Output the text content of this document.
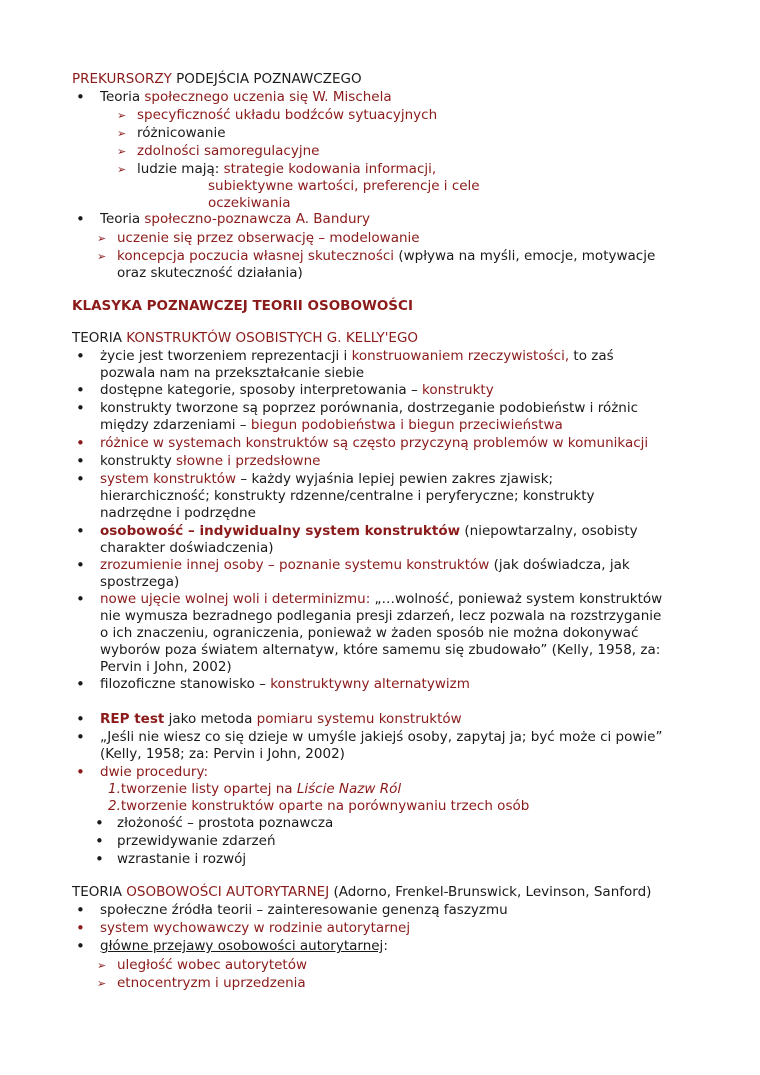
PREKURSORZY PODEJŚCIA POZNAWCZEGO
• Teoria społecznego uczenia się W. Mischela
➢ specyficzność układu bodźców sytuacyjnych
➢ różnicowanie
➢ zdolności samoregulacyjne
➢ ludzie mają: strategie kodowania informacji,
subiektywne wartości, preferencje i cele
oczekiwania
• Teoria społeczno-poznawcza A. Bandury
➢ uczenie się przez obserwację – modelowanie
➢ koncepcja poczucia własnej skuteczności (wpływa na myśli, emocje, motywacje
oraz skuteczność działania)
KLASYKA POZNAWCZEJ TEORII OSOBOWOŚCI
TEORIA KONSTRUKTÓW OSOBISTYCH G. KELLY'EGO
• życie jest tworzeniem reprezentacji i konstruowaniem rzeczywistości, to zaś
pozwala nam na przekształcanie siebie
• dostępne kategorie, sposoby interpretowania – konstrukty
• konstrukty tworzone są poprzez porównania, dostrzeganie podobieństw i różnic
między zdarzeniami – biegun podobieństwa i biegun przeciwieństwa
• różnice w systemach konstruktów są często przyczyną problemów w komunikacji
• konstrukty słowne i przedsłowne
• system konstruktów – każdy wyjaśnia lepiej pewien zakres zjawisk;
hierarchiczność; konstrukty rdzenne/centralne i peryferyczne; konstrukty
nadrzędne i podrzędne
• osobowość – indywidualny system konstruktów (niepowtarzalny, osobisty
charakter doświadczenia)
• zrozumienie innej osoby – poznanie systemu konstruktów (jak doświadcza, jak
spostrzega)
• nowe ujęcie wolnej woli i determinizmu: „…wolność, ponieważ system konstruktów
nie wymusza bezradnego podlegania presji zdarzeń, lecz pozwala na rozstrzyganie
o ich znaczeniu, ograniczenia, ponieważ w żaden sposób nie można dokonywać
wyborów poza światem alternatyw, które samemu się zbudowało” (Kelly, 1958, za:
Pervin i John, 2002)
• filozoficzne stanowisko – konstruktywny alternatywizm
• REP test jako metoda pomiaru systemu konstruktów
• „Jeśli nie wiesz co się dzieje w umyśle jakiejś osoby, zapytaj ja; być może ci powie”
(Kelly, 1958; za: Pervin i John, 2002)
• dwie procedury:
1.tworzenie listy opartej na Liście Nazw Ról
2.tworzenie konstruktów oparte na porównywaniu trzech osób
• złożoność – prostota poznawcza
• przewidywanie zdarzeń
• wzrastanie i rozwój
TEORIA OSOBOWOŚCI AUTORYTARNEJ (Adorno, Frenkel-Brunswick, Levinson, Sanford)
• społeczne źródła teorii – zainteresowanie genenzą faszyzmu
• system wychowawczy w rodzinie autorytarnej
• główne przejawy osobowości autorytarnej:
➢ uległość wobec autorytetów
➢ etnocentryzm i uprzedzenia
